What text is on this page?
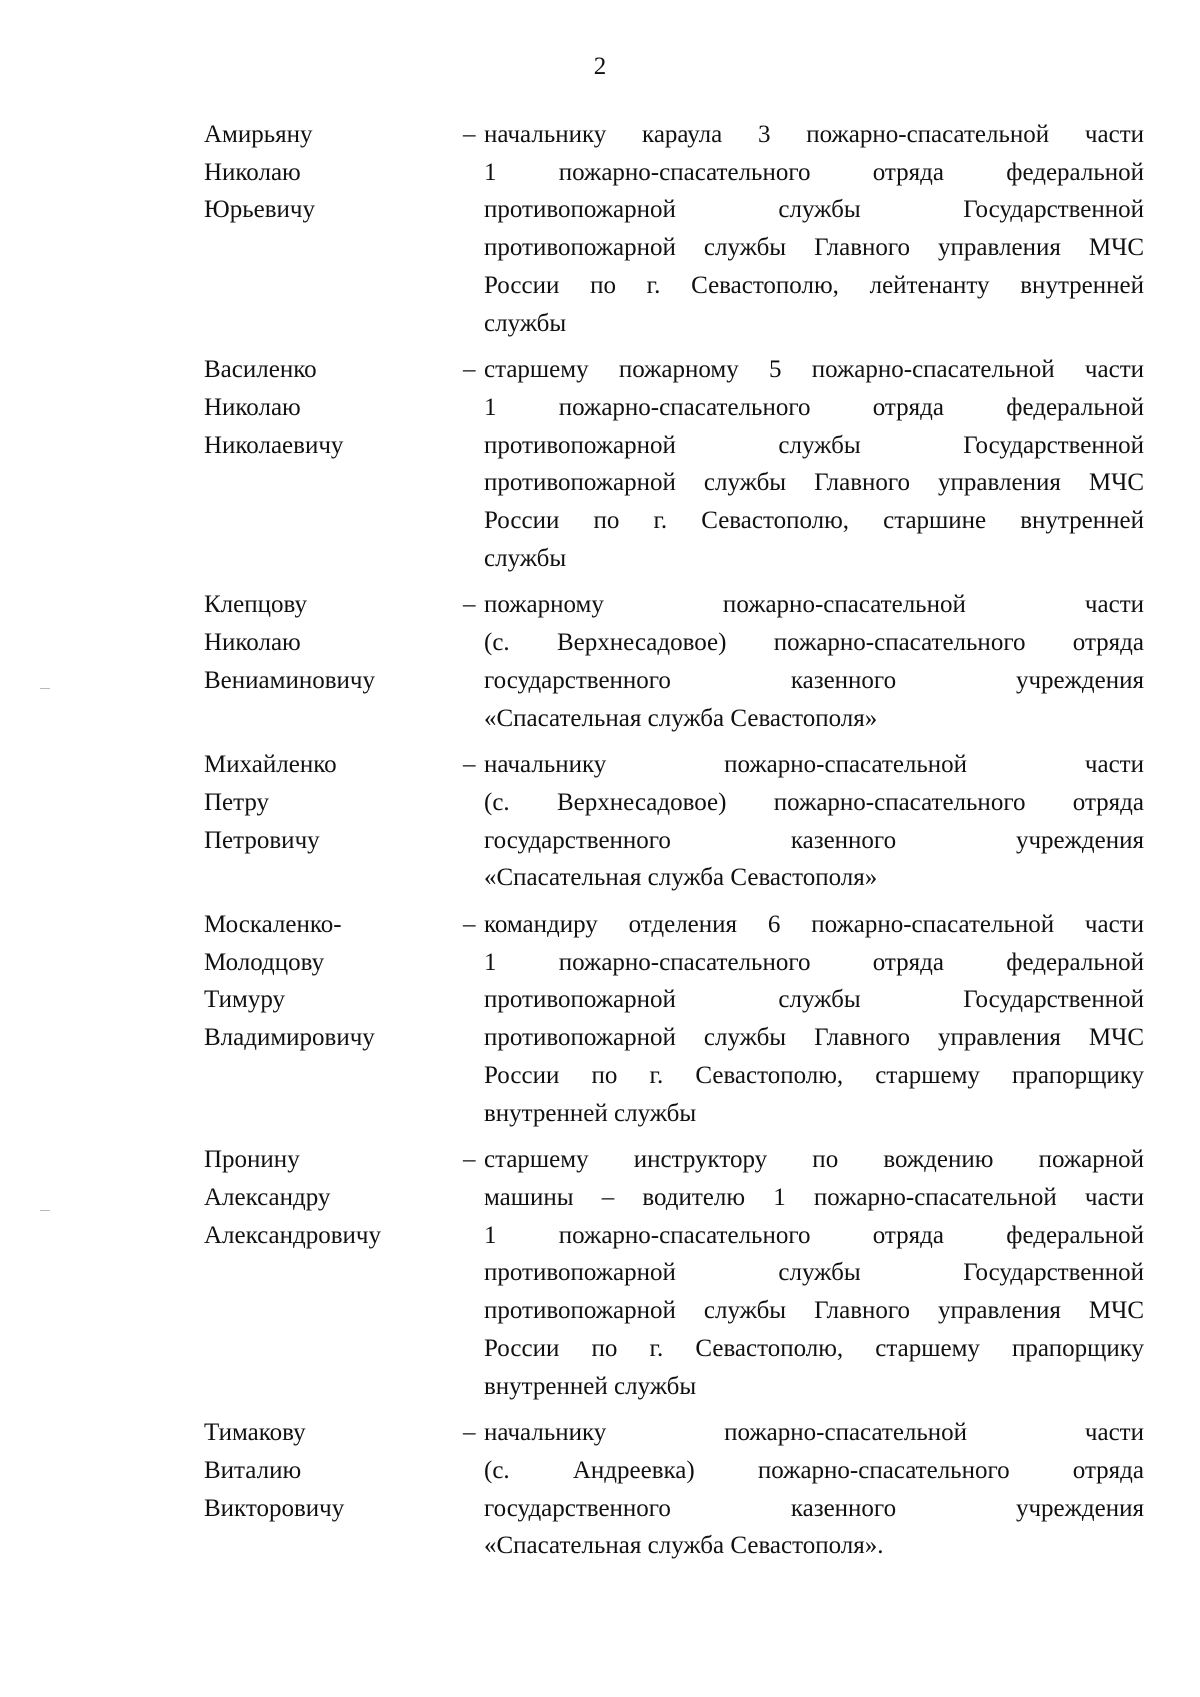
2
Амирьяну
Николаю
Юрьевичу
– начальнику караула 3 пожарно-спасательной части
1 пожарно-спасательного отряда федеральной
противопожарной службы Государственной
противопожарной службы Главного управления МЧС
России по г. Севастополю, лейтенанту внутренней
службы
Василенко
Николаю
Николаевичу
– старшему пожарному 5 пожарно-спасательной части
1 пожарно-спасательного отряда федеральной
противопожарной службы Государственной
противопожарной службы Главного управления МЧС
России по г. Севастополю, старшине внутренней
службы
Клепцову
Николаю
Вениаминовичу
– пожарному пожарно-спасательной части
(с. Верхнесадовое) пожарно-спасательного отряда
государственного казенного учреждения
«Спасательная служба Севастополя»
Михайленко
Петру
Петровичу
– начальнику пожарно-спасательной части
(с. Верхнесадовое) пожарно-спасательного отряда
государственного казенного учреждения
«Спасательная служба Севастополя»
Москаленко-
Молодцову
Тимуру
Владимировичу
– командиру отделения 6 пожарно-спасательной части
1 пожарно-спасательного отряда федеральной
противопожарной службы Государственной
противопожарной службы Главного управления МЧС
России по г. Севастополю, старшему прапорщику
внутренней службы
Пронину
Александру
Александровичу
– старшему инструктору по вождению пожарной
машины – водителю 1 пожарно-спасательной части
1 пожарно-спасательного отряда федеральной
противопожарной службы Государственной
противопожарной службы Главного управления МЧС
России по г. Севастополю, старшему прапорщику
внутренней службы
Тимакову
Виталию
Викторовичу
– начальнику пожарно-спасательной части
(с. Андреевка) пожарно-спасательного отряда
государственного казенного учреждения
«Спасательная служба Севастополя».
